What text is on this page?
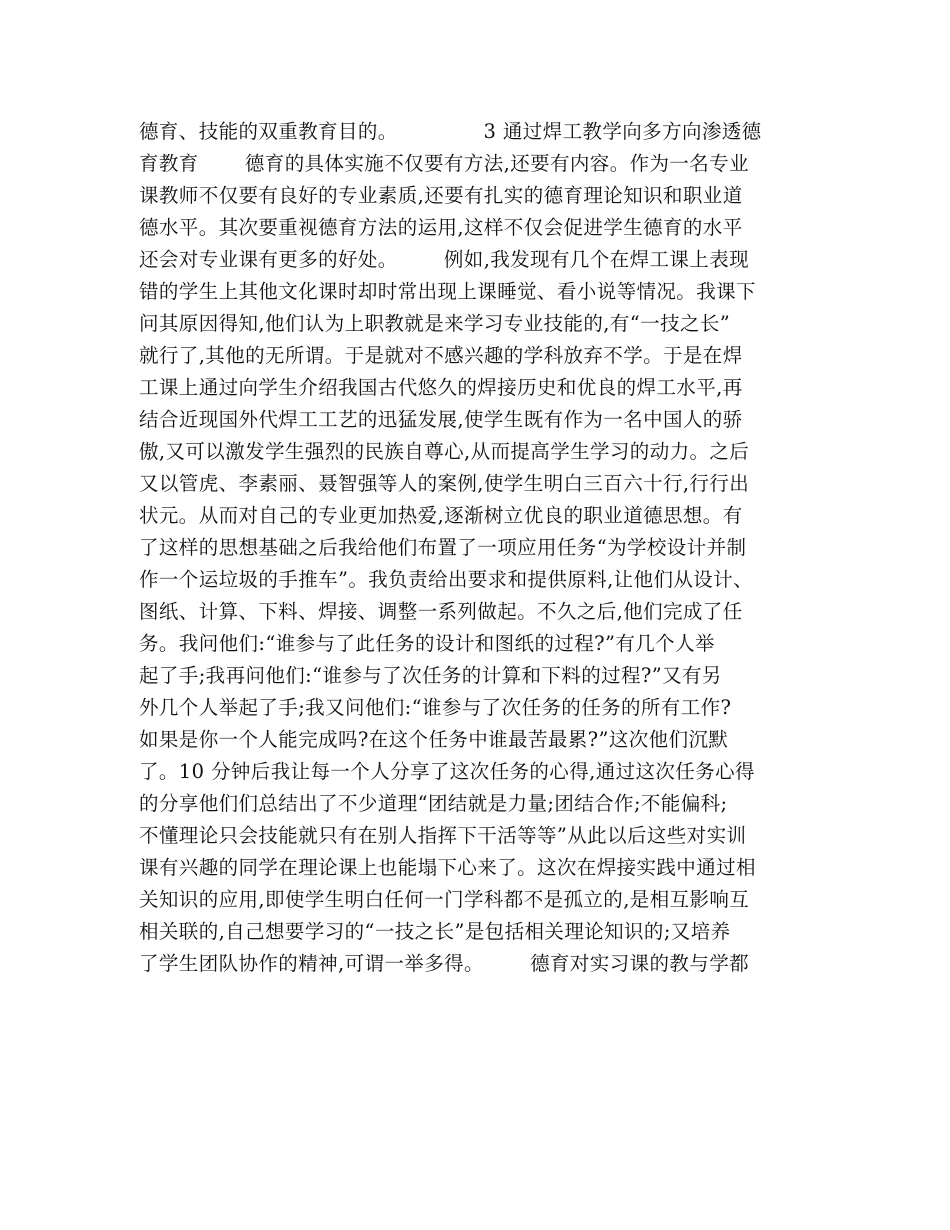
德育、技能的双重教育目的。             3 通过焊工教学向多方向渗透德
育教育       德育的具体实施不仅要有方法,还要有内容。作为一名专业
课教师不仅要有良好的专业素质,还要有扎实的德育理论知识和职业道
德水平。其次要重视德育方法的运用,这样不仅会促进学生德育的水平
还会对专业课有更多的好处。       例如,我发现有几个在焊工课上表现
错的学生上其他文化课时却时常出现上课睡觉、看小说等情况。我课下
问其原因得知,他们认为上职教就是来学习专业技能的,有“一技之长”
就行了,其他的无所谓。于是就对不感兴趣的学科放弃不学。于是在焊
工课上通过向学生介绍我国古代悠久的焊接历史和优良的焊工水平,再
结合近现国外代焊工工艺的迅猛发展,使学生既有作为一名中国人的骄
傲,又可以激发学生强烈的民族自尊心,从而提高学生学习的动力。之后
又以管虎、李素丽、聂智强等人的案例,使学生明白三百六十行,行行出
状元。从而对自己的专业更加热爱,逐渐树立优良的职业道德思想。有
了这样的思想基础之后我给他们布置了一项应用任务“为学校设计并制
作一个运垃圾的手推车”。我负责给出要求和提供原料,让他们从设计、
图纸、计算、下料、焊接、调整一系列做起。不久之后,他们完成了任
务。我问他们:“谁参与了此任务的设计和图纸的过程?”有几个人举
起了手;我再问他们:“谁参与了次任务的计算和下料的过程?”又有另
外几个人举起了手;我又问他们:“谁参与了次任务的任务的所有工作?
如果是你一个人能完成吗?在这个任务中谁最苦最累?”这次他们沉默
了。10 分钟后我让每一个人分享了这次任务的心得,通过这次任务心得
的分享他们们总结出了不少道理“团结就是力量;团结合作;不能偏科;
不懂理论只会技能就只有在别人指挥下干活等等”从此以后这些对实训
课有兴趣的同学在理论课上也能塌下心来了。这次在焊接实践中通过相
关知识的应用,即使学生明白任何一门学科都不是孤立的,是相互影响互
相关联的,自己想要学习的“一技之长”是包括相关理论知识的;又培养
了学生团队协作的精神,可谓一举多得。       德育对实习课的教与学都
